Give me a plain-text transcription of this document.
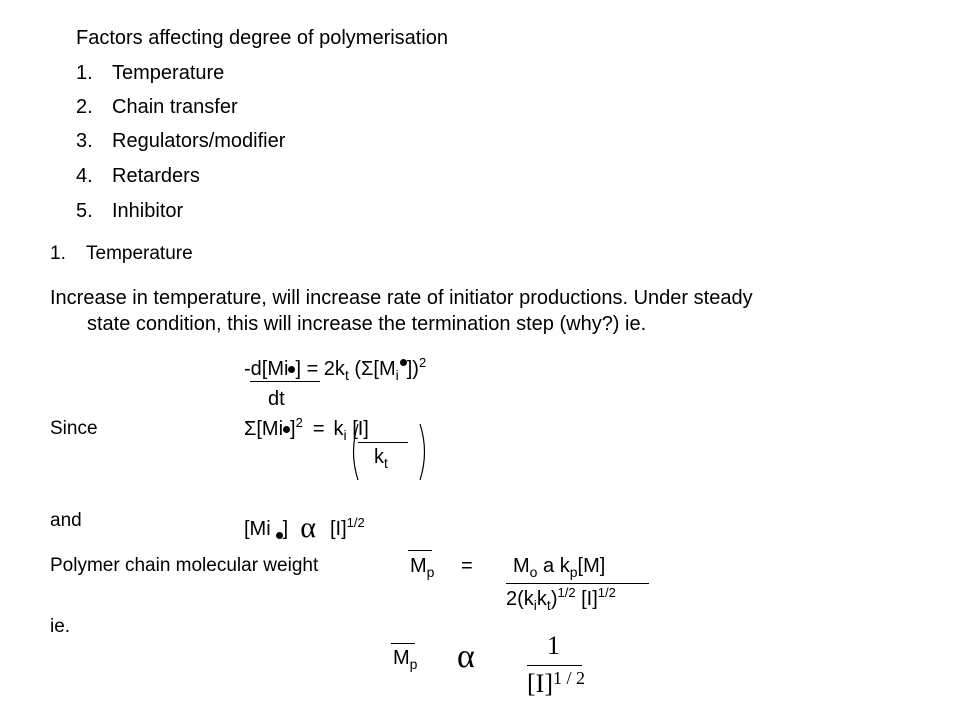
Factors affecting degree of polymerisation
1. Temperature
2. Chain transfer
3. Regulators/modifier
4. Retarders
5. Inhibitor
1. Temperature
Increase in temperature, will increase rate of initiator productions. Under steady
state condition, this will increase the termination step (why?) ie.
-d[Mi ] = $2k_t$ ($\Sigma[M_i$ ])$^2$
dt
Since	Σ[Mi ]$^2 = k_i$ [I]
$k_t$
and	[Mi ] α $[I]^{1/2}$
Polymer chain molecular weight	$M_p = M_o$ a $k_p[M]$
$2(k_ik_t)^{1/2}$ $[I]^{1/2}$
ie.
$M_p$ α	1
$[I]^{1 / 2}$
